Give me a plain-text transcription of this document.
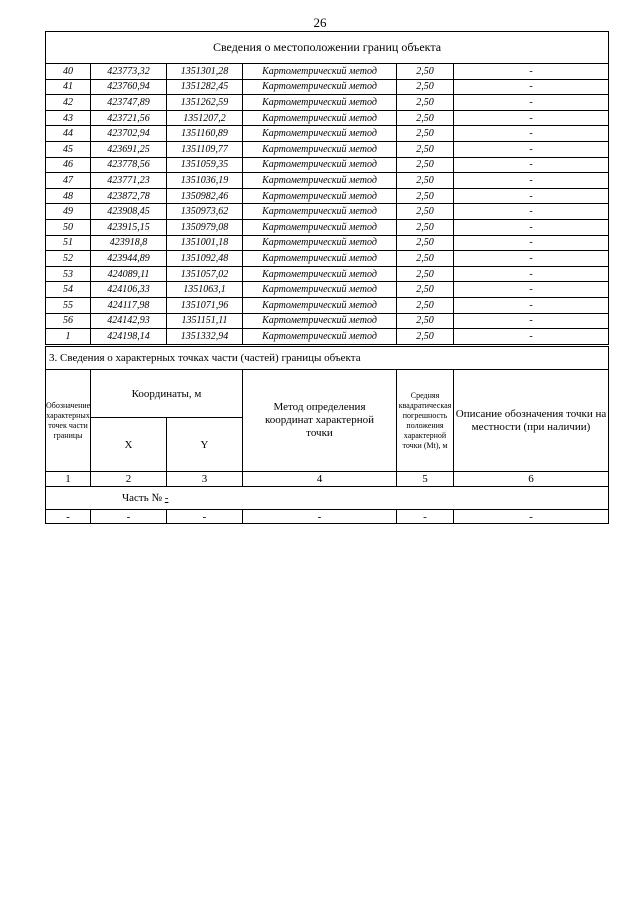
26
Сведения о местоположении границ объекта					
40	423773,32	1351301,28	Картометрический метод	2,50	-
41	423760,94	1351282,45	Картометрический метод	2,50	-
42	423747,89	1351262,59	Картометрический метод	2,50	-
43	423721,56	1351207,2	Картометрический метод	2,50	-
44	423702,94	1351160,89	Картометрический метод	2,50	-
45	423691,25	1351109,77	Картометрический метод	2,50	-
46	423778,56	1351059,35	Картометрический метод	2,50	-
47	423771,23	1351036,19	Картометрический метод	2,50	-
48	423872,78	1350982,46	Картометрический метод	2,50	-
49	423908,45	1350973,62	Картометрический метод	2,50	-
50	423915,15	1350979,08	Картометрический метод	2,50	-
51	423918,8	1351001,18	Картометрический метод	2,50	-
52	423944,89	1351092,48	Картометрический метод	2,50	-
53	424089,11	1351057,02	Картометрический метод	2,50	-
54	424106,33	1351063,1	Картометрический метод	2,50	-
55	424117,98	1351071,96	Картометрический метод	2,50	-
56	424142,93	1351151,11	Картометрический метод	2,50	-
1	424198,14	1351332,94	Картометрический метод	2,50	-
3. Сведения о характерных точках части (частей) границы объекта					
Обозначение характерных точек части границы	Координаты, м		Метод определения координат характерной точки	Средняя квадратическая погрешность положения характерной точки (Mt), м	Описание обозначения точки на местности (при наличии)
	X	Y			
1	2	3	4	5	6
Часть № -					
-	-	-	-	-	-
